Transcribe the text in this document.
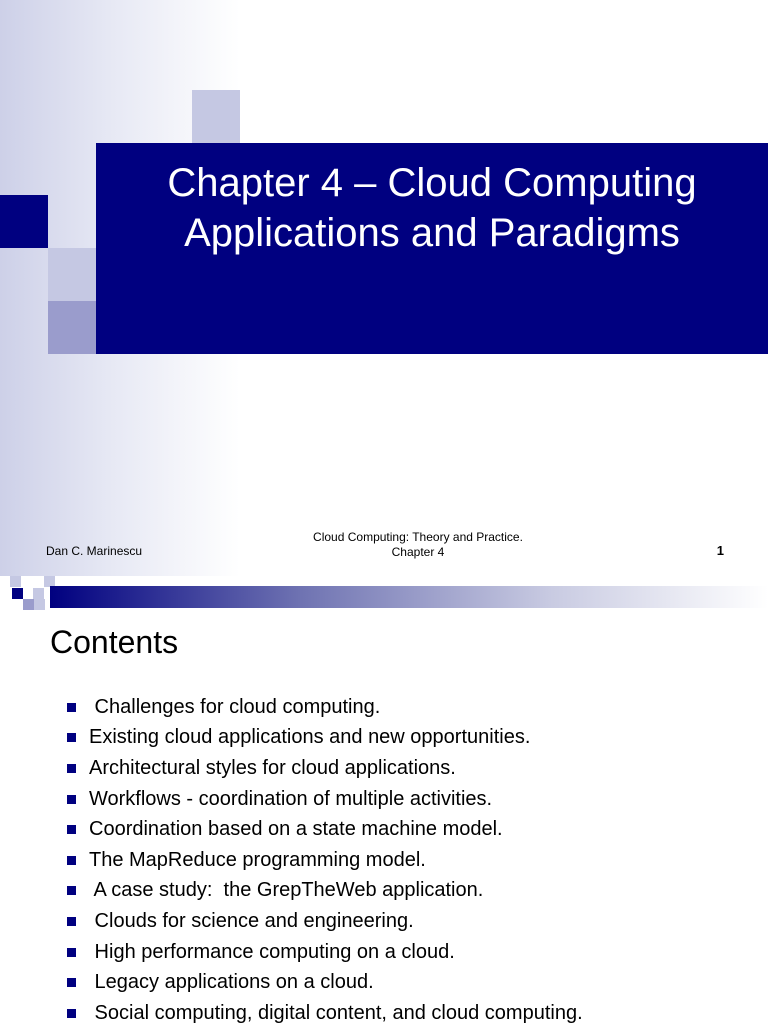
Chapter 4 – Cloud Computing
Applications and Paradigms
Dan C. Marinescu
Cloud Computing: Theory and Practice.
Chapter 4	1
Contents
Challenges for cloud computing.
Existing cloud applications and new opportunities.
Architectural styles for cloud applications.
Workflows - coordination of multiple activities.
Coordination based on a state machine model.
The MapReduce programming model.
A case study:  the GrepTheWeb application.
Clouds for science and engineering.
High performance computing on a cloud.
Legacy applications on a cloud.
Social computing, digital content, and cloud computing.
